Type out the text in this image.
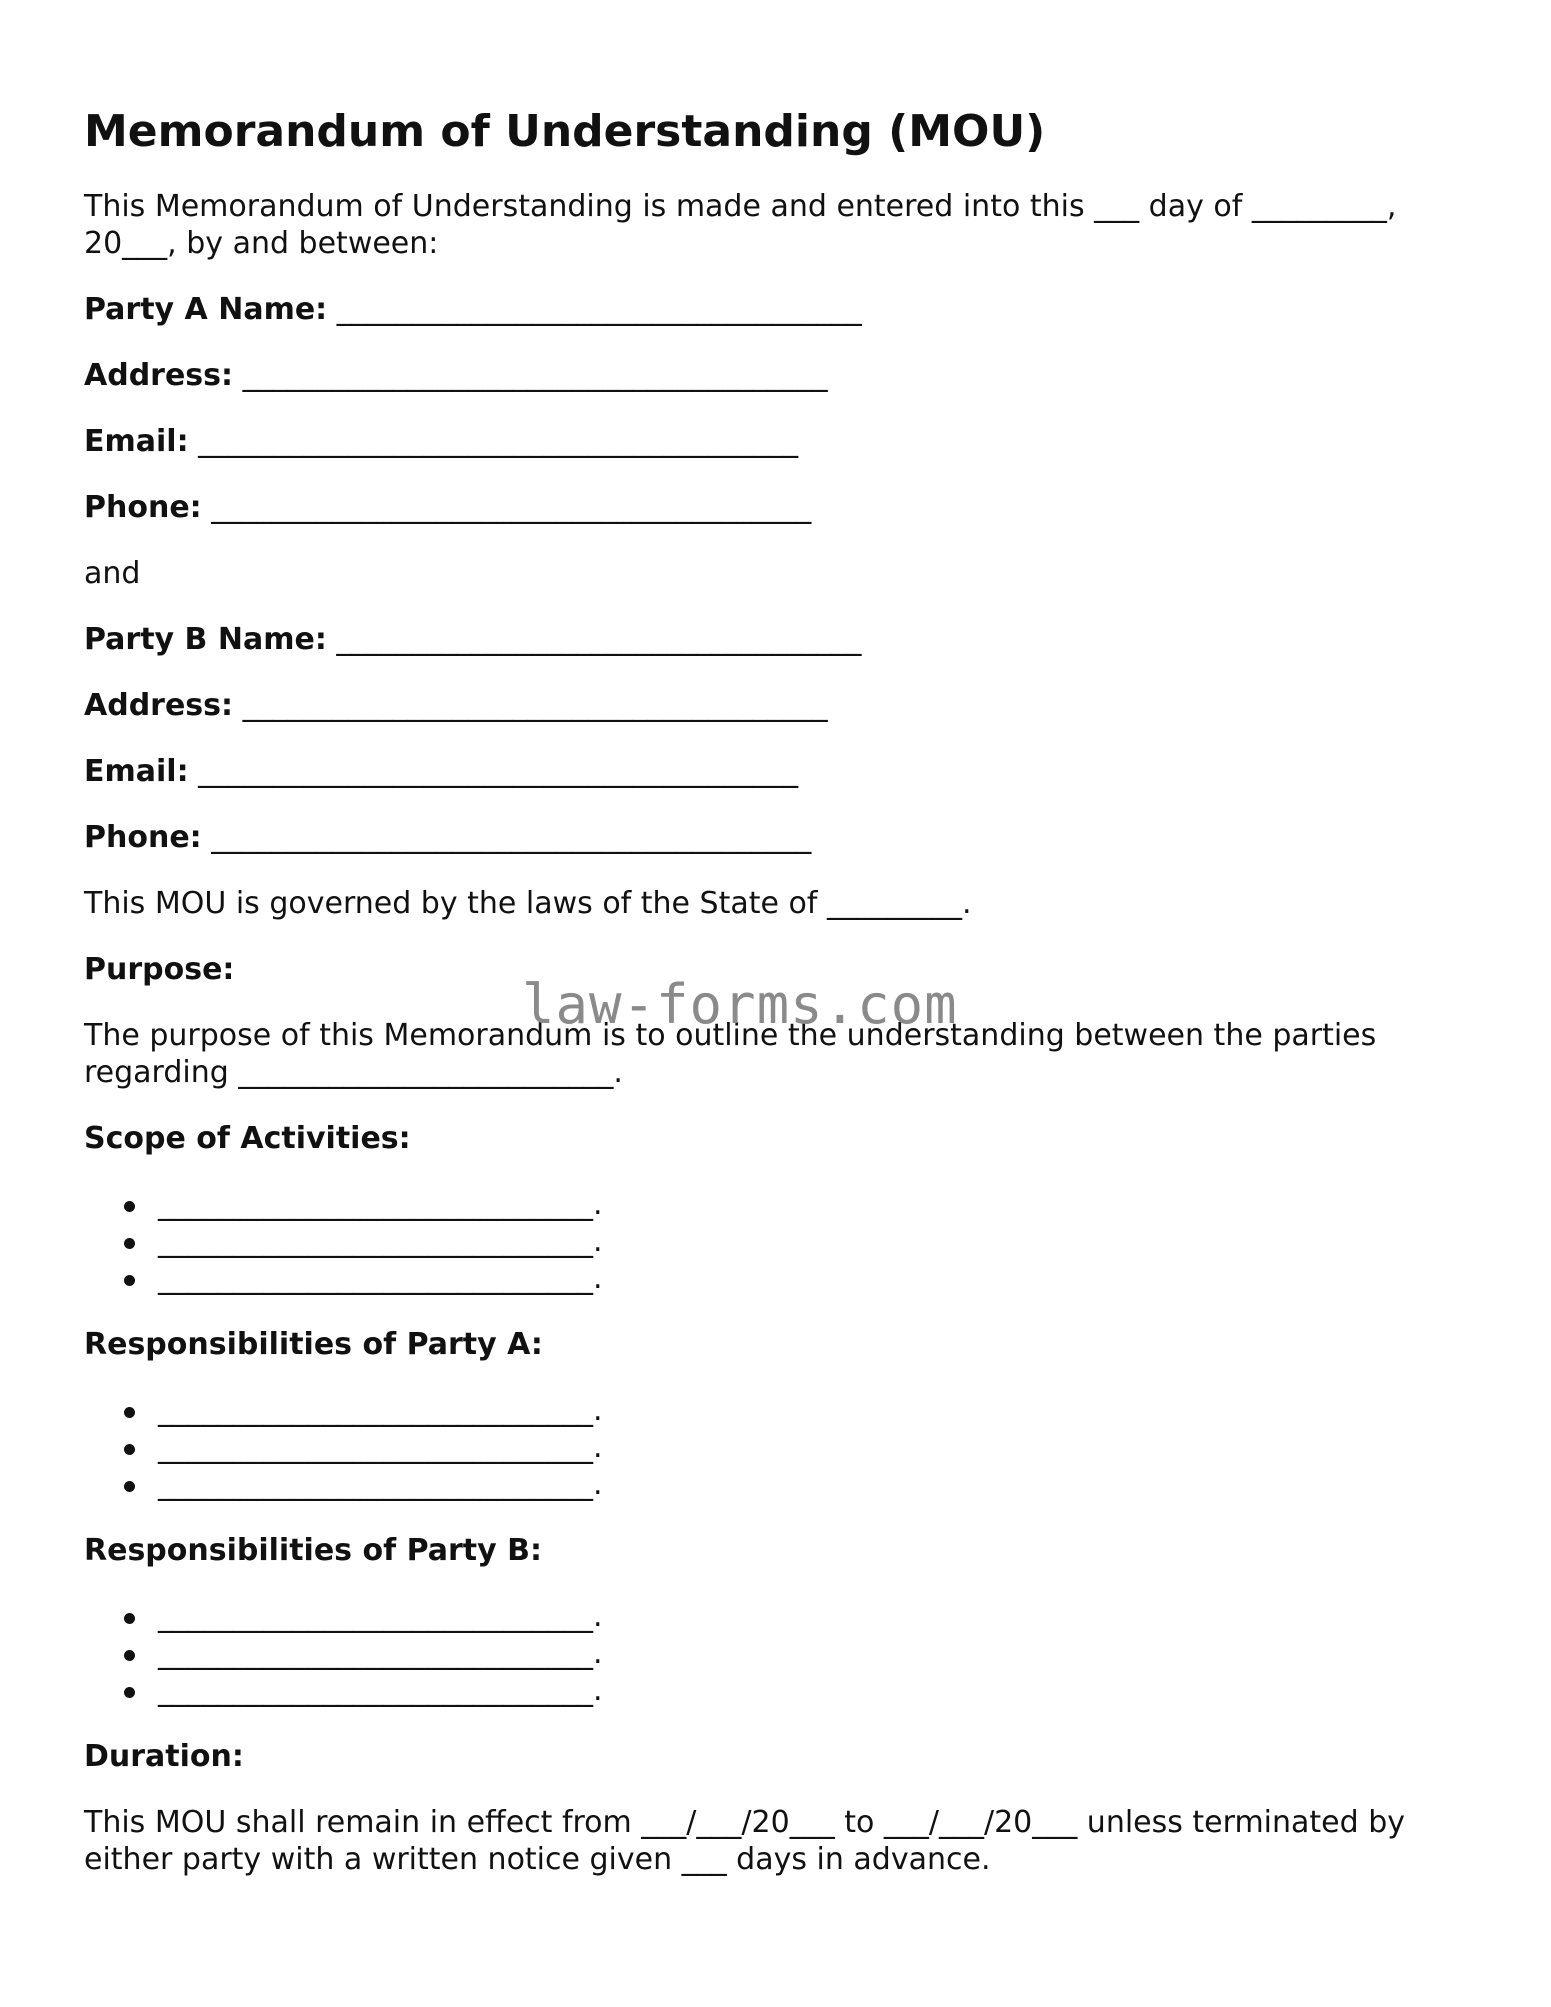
Memorandum of Understanding (MOU)
This Memorandum of Understanding is made and entered into this ___ day of _________,
20___, by and between:
Party A Name: ___________________________________
Address: _______________________________________
Email: ________________________________________
Phone: ________________________________________
and
Party B Name: ___________________________________
Address: _______________________________________
Email: ________________________________________
Phone: ________________________________________
This MOU is governed by the laws of the State of _________.
Purpose:
The purpose of this Memorandum is to outline the understanding between the parties
regarding _________________________.
Scope of Activities:
_____________________________.
_____________________________.
_____________________________.
Responsibilities of Party A:
_____________________________.
_____________________________.
_____________________________.
Responsibilities of Party B:
_____________________________.
_____________________________.
_____________________________.
Duration:
This MOU shall remain in effect from ___/___/20___ to ___/___/20___ unless terminated by
either party with a written notice given ___ days in advance.
law-forms.com
